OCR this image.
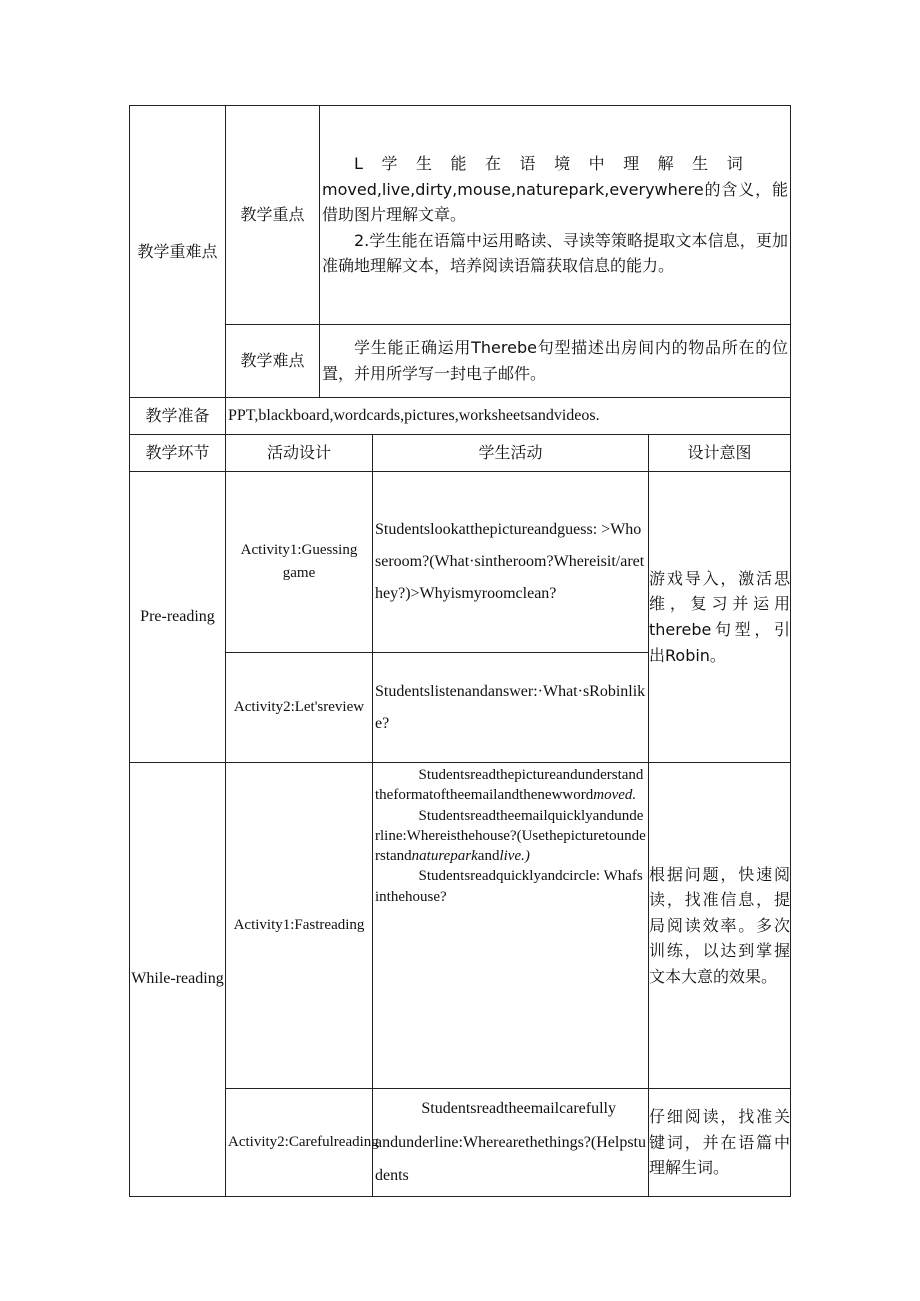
教学重难点	教学重点	L 学 生 能 在 语 境 中 理 解 生 词
moved,live,dirty,mouse,naturepark,everywhere的含义，能借助图片理解文章。
2.学生能在语篇中运用略读、寻读等策略提取文本信息，更加准确地理解文本，培养阅读语篇获取信息的能力。		

	教学难点	学生能正确运用Therebe句型描述出房间内的物品所在的位置，并用所学写一封电子邮件。		

教学准备	PPT,blackboard,wordcards,pictures,worksheetsandvideos.			
教学环节	活动设计		学生活动	设计意图
Pre-reading	Activity1:Guessing game		Studentslookatthepictureandguess: >Whoseroom?(What·sintheroom?Whereisit/arethey?)>Whyismyroomclean?	游戏导入，激活思维，复习并运用therebe句型，引出Robin。
	Activity2:Let'sreview		Studentslistenandanswer:·What·sRobinlike?	
While-reading	Activity1:Fastreading		Studentsreadthepictureandunderstandtheformatoftheemailandthenewwordmoved.

Studentsreadtheemailquicklyandunderline:Whereisthehouse?(Usethepicturetounderstandnatureparkandlive.)

Studentsreadquicklyandcircle: Whafsinthehouse?	根据问题，快速阅读，找准信息，提局阅读效率。多次训练，以达到掌握文本大意的效果。
	Activity2:Carefulreading		Studentsreadtheemailcarefully
andunderline:Wherearethethings?(Helpstudents	仔细阅读，找准关键词，并在语篇中理解生词。
